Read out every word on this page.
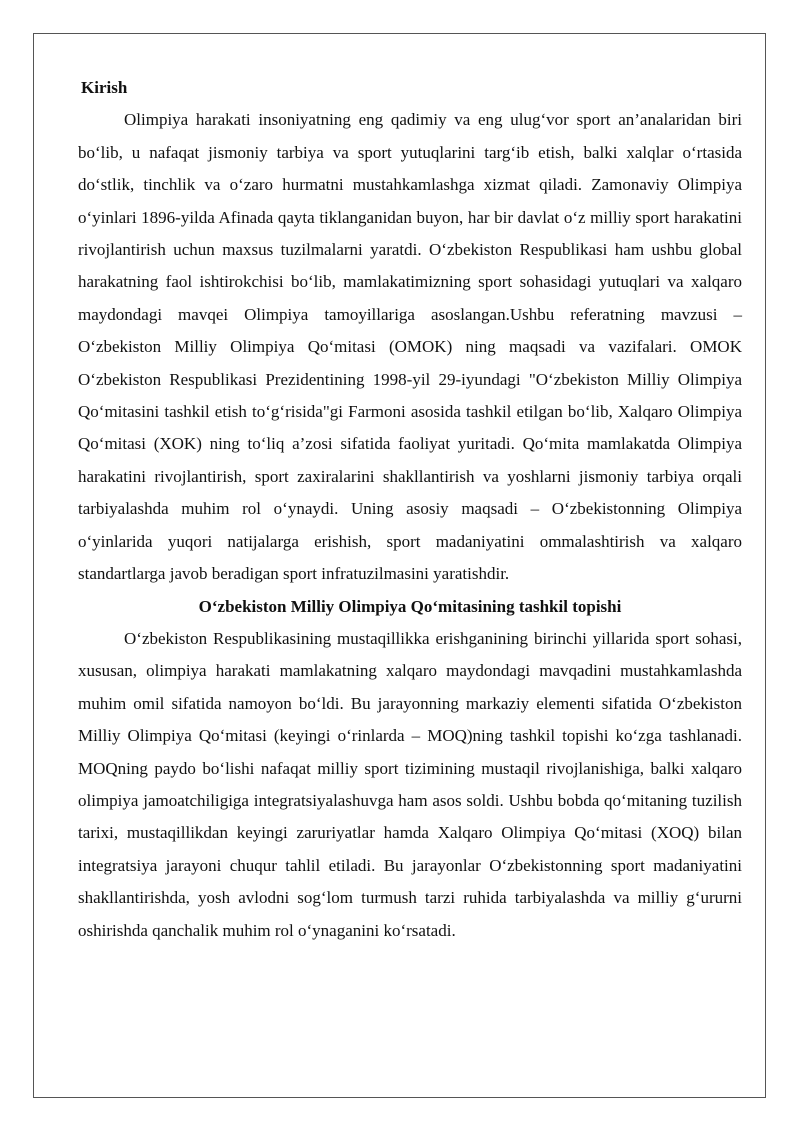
Kirish

Olimpiya harakati insoniyatning eng qadimiy va eng ulug‘vor sport an’analaridan biri bo‘lib, u nafaqat jismoniy tarbiya va sport yutuqlarini targ‘ib etish, balki xalqlar o‘rtasida do‘stlik, tinchlik va o‘zaro hurmatni mustahkamlashga xizmat qiladi. Zamonaviy Olimpiya o‘yinlari 1896-yilda Afinada qayta tiklanganidan buyon, har bir davlat o‘z milliy sport harakatini rivojlantirish uchun maxsus tuzilmalarni yaratdi. O‘zbekiston Respublikasi ham ushbu global harakatning faol ishtirokchisi bo‘lib, mamlakatimizning sport sohasidagi yutuqlari va xalqaro maydondagi mavqei Olimpiya tamoyillariga asoslangan.Ushbu referatning mavzusi – O‘zbekiston Milliy Olimpiya Qo‘mitasi (OMOK) ning maqsadi va vazifalari. OMOK O‘zbekiston Respublikasi Prezidentining 1998-yil 29-iyundagi "O‘zbekiston Milliy Olimpiya Qo‘mitasini tashkil etish to‘g‘risida"gi Farmoni asosida tashkil etilgan bo‘lib, Xalqaro Olimpiya Qo‘mitasi (XOK) ning to‘liq a’zosi sifatida faoliyat yuritadi. Qo‘mita mamlakatda Olimpiya harakatini rivojlantirish, sport zaxiralarini shakllantirish va yoshlarni jismoniy tarbiya orqali tarbiyalashda muhim rol o‘ynaydi. Uning asosiy maqsadi – O‘zbekistonning Olimpiya o‘yinlarida yuqori natijalarga erishish, sport madaniyatini ommalashtirish va xalqaro standartlarga javob beradigan sport infratuzilmasini yaratishdir.

O‘zbekiston Milliy Olimpiya Qo‘mitasining tashkil topishi

O‘zbekiston Respublikasining mustaqillikka erishganining birinchi yillarida sport sohasi, xususan, olimpiya harakati mamlakatning xalqaro maydondagi mavqadini mustahkamlashda muhim omil sifatida namoyon bo‘ldi. Bu jarayonning markaziy elementi sifatida O‘zbekiston Milliy Olimpiya Qo‘mitasi (keyingi o‘rinlarda – MOQ)ning tashkil topishi ko‘zga tashlanadi. MOQning paydo bo‘lishi nafaqat milliy sport tizimining mustaqil rivojlanishiga, balki xalqaro olimpiya jamoatchiligiga integratsiyalashuvga ham asos soldi. Ushbu bobda qo‘mitaning tuzilish tarixi, mustaqillikdan keyingi zaruriyatlar hamda Xalqaro Olimpiya Qo‘mitasi (XOQ) bilan integratsiya jarayoni chuqur tahlil etiladi. Bu jarayonlar O‘zbekistonning sport madaniyatini shakllantirishda, yosh avlodni sog‘lom turmush tarzi ruhida tarbiyalashda va milliy g‘ururni oshirishda qanchalik muhim rol o‘ynaganini ko‘rsatadi.
